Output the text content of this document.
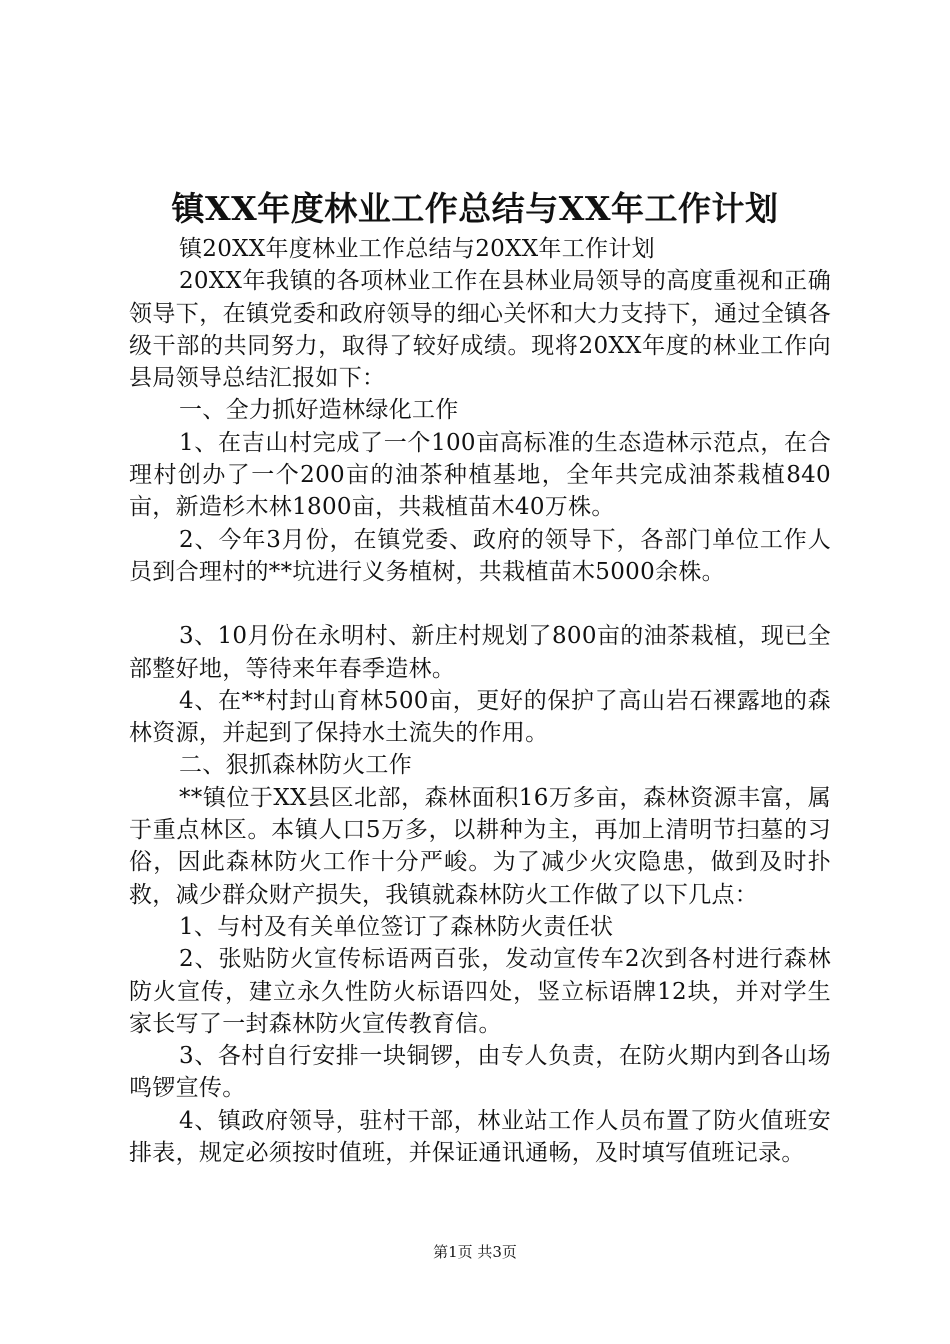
镇XX年度林业工作总结与XX年工作计划

镇20XX年度林业工作总结与20XX年工作计划

20XX年我镇的各项林业工作在县林业局领导的高度重视和正确领导下，在镇党委和政府领导的细心关怀和大力支持下，通过全镇各级干部的共同努力，取得了较好成绩。现将20XX年度的林业工作向县局领导总结汇报如下：

一、全力抓好造林绿化工作

1、在吉山村完成了一个100亩高标准的生态造林示范点，在合理村创办了一个200亩的油茶种植基地，全年共完成油茶栽植840亩，新造杉木林1800亩，共栽植苗木40万株。

2、今年3月份，在镇党委、政府的领导下，各部门单位工作人员到合理村的**坑进行义务植树，共栽植苗木5000余株。

3、10月份在永明村、新庄村规划了800亩的油茶栽植，现已全部整好地，等待来年春季造林。

4、在**村封山育林500亩，更好的保护了高山岩石裸露地的森林资源，并起到了保持水土流失的作用。

二、狠抓森林防火工作

**镇位于XX县区北部，森林面积16万多亩，森林资源丰富，属于重点林区。本镇人口5万多，以耕种为主，再加上清明节扫墓的习俗，因此森林防火工作十分严峻。为了减少火灾隐患，做到及时扑救，减少群众财产损失，我镇就森林防火工作做了以下几点：

1、与村及有关单位签订了森林防火责任状

2、张贴防火宣传标语两百张，发动宣传车2次到各村进行森林防火宣传，建立永久性防火标语四处，竖立标语牌12块，并对学生家长写了一封森林防火宣传教育信。

3、各村自行安排一块铜锣，由专人负责，在防火期内到各山场鸣锣宣传。

4、镇政府领导，驻村干部，林业站工作人员布置了防火值班安排表，规定必须按时值班，并保证通讯通畅，及时填写值班记录。

第1页 共3页
